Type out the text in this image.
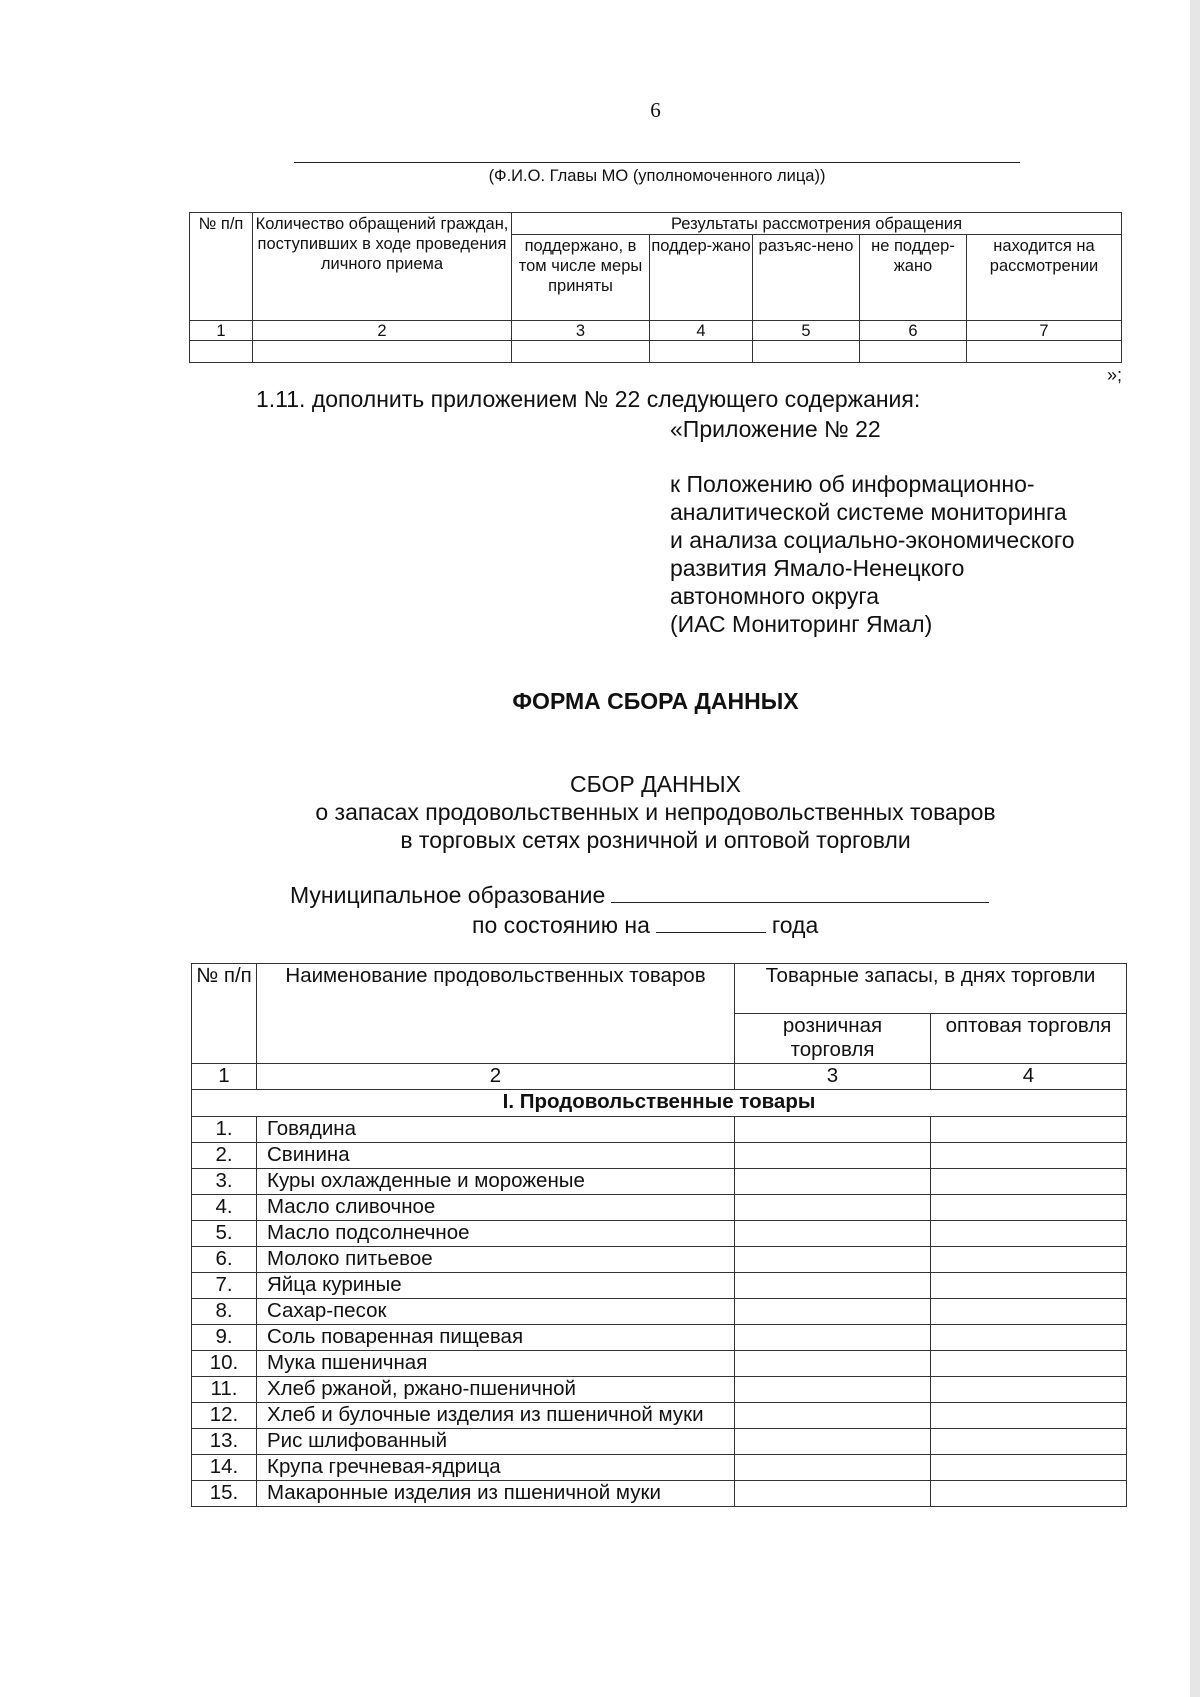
6
(Ф.И.О. Главы МО (уполномоченного лица))
№ п/п	Количество обращений граждан, поступивших в ходе проведения личного приема	Результаты рассмотрения обращения				
		поддержано, в том числе меры приняты	поддер-жано	разъяс-нено	не поддер-жано	находится на рассмотрении
1	2	3	4	5	6	7

»;
1.11. дополнить приложением № 22 следующего содержания:
«Приложение № 22
к Положению об информационно-
аналитической системе мониторинга
и анализа социально-экономического
развития Ямало-Ненецкого
автономного округа
(ИАС Мониторинг Ямал)
ФОРМА СБОРА ДАННЫХ
СБОР ДАННЫХ
о запасах продовольственных и непродовольственных товаров
в торговых сетях розничной и оптовой торговли
Муниципальное образование
по состоянию на	года
№ п/п	Наименование продовольственных товаров	Товарные запасы, в днях торговли	
		розничная торговля	оптовая торговля
1	2	3	4
I. Продовольственные товары			
1.	Говядина		
2.	Свинина		
3.	Куры охлажденные и мороженые		
4.	Масло сливочное		
5.	Масло подсолнечное		
6.	Молоко питьевое		
7.	Яйца куриные		
8.	Сахар-песок		
9.	Соль поваренная пищевая		
10.	Мука пшеничная		
11.	Хлеб ржаной, ржано-пшеничной		
12.	Хлеб и булочные изделия из пшеничной муки		
13.	Рис шлифованный		
14.	Крупа гречневая-ядрица		
15.	Макаронные изделия из пшеничной муки		
